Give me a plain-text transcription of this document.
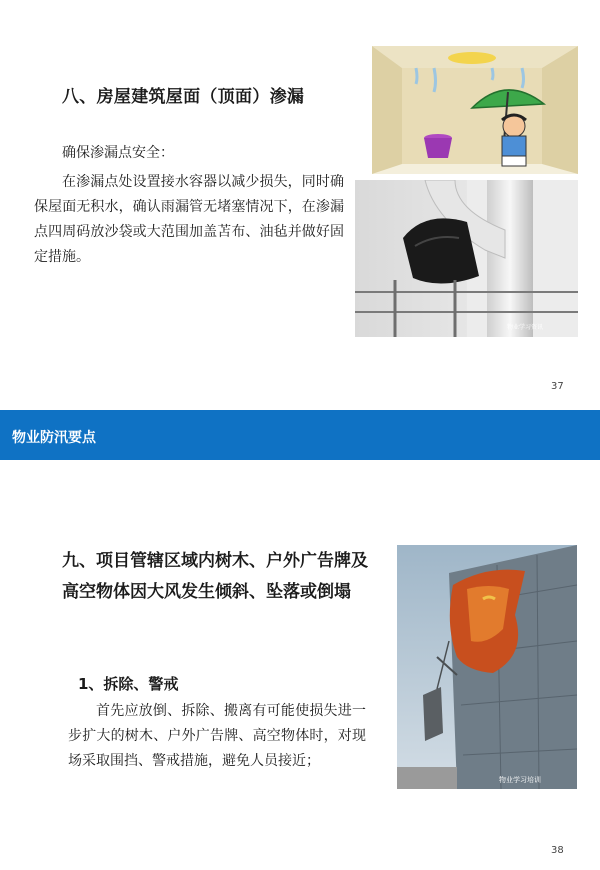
八、房屋建筑屋面（顶面）渗漏
确保渗漏点安全：
在渗漏点处设置接水容器以减少损失，同时确保屋面无积水，确认雨漏管无堵塞情况下，在渗漏点四周码放沙袋或大范围加盖苫布、油毡并做好固定措施。
物业学习资讯
37
物业防汛要点
九、项目管辖区域内树木、户外广告牌及高空物体因大风发生倾斜、坠落或倒塌
1、拆除、警戒
首先应放倒、拆除、搬离有可能使损失进一步扩大的树木、户外广告牌、高空物体时，对现场采取围挡、警戒措施，避免人员接近；
物业学习培训
38
